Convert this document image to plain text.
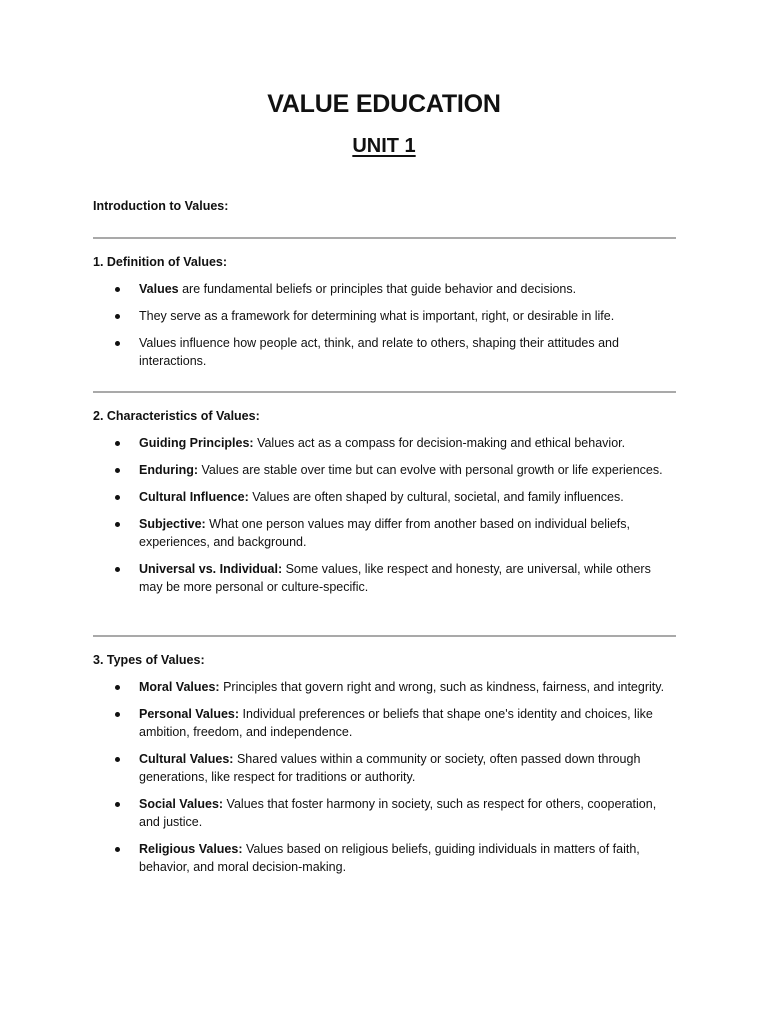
VALUE EDUCATION
UNIT 1
Introduction to Values:
1. Definition of Values:
Values are fundamental beliefs or principles that guide behavior and decisions.
They serve as a framework for determining what is important, right, or desirable in life.
Values influence how people act, think, and relate to others, shaping their attitudes and interactions.
2. Characteristics of Values:
Guiding Principles: Values act as a compass for decision-making and ethical behavior.
Enduring: Values are stable over time but can evolve with personal growth or life experiences.
Cultural Influence: Values are often shaped by cultural, societal, and family influences.
Subjective: What one person values may differ from another based on individual beliefs, experiences, and background.
Universal vs. Individual: Some values, like respect and honesty, are universal, while others may be more personal or culture-specific.
3. Types of Values:
Moral Values: Principles that govern right and wrong, such as kindness, fairness, and integrity.
Personal Values: Individual preferences or beliefs that shape one's identity and choices, like ambition, freedom, and independence.
Cultural Values: Shared values within a community or society, often passed down through generations, like respect for traditions or authority.
Social Values: Values that foster harmony in society, such as respect for others, cooperation, and justice.
Religious Values: Values based on religious beliefs, guiding individuals in matters of faith, behavior, and moral decision-making.
